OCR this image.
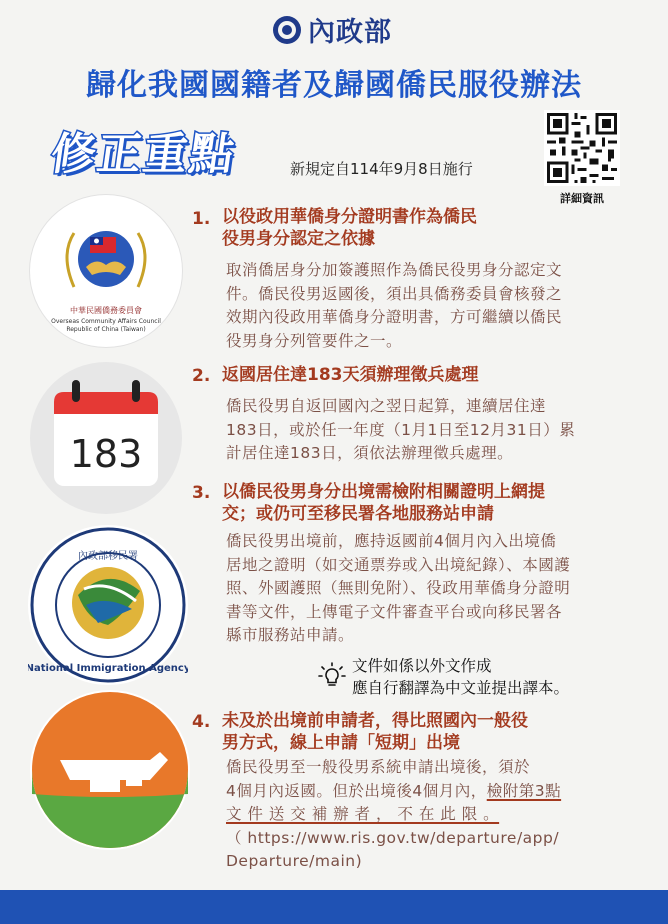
內政部
歸化我國國籍者及歸國僑民服役辦法
修正重點	新規定自114年9月8日施行
詳細資訊
中華民國僑務委員會
Overseas Community Affairs Council
Republic of China (Taiwan)
183
內政部移民署
National Immigration Agency
1. 以役政用華僑身分證明書作為僑民
役男身分認定之依據
取消僑居身分加簽護照作為僑民役男身分認定文
件。僑民役男返國後，須出具僑務委員會核發之
效期內役政用華僑身分證明書，方可繼續以僑民
役男身分列管要件之一。
2. 返國居住達183天須辦理徵兵處理
僑民役男自返回國內之翌日起算，連續居住達
183日，或於任一年度（1月1日至12月31日）累
計居住達183日，須依法辦理徵兵處理。
3. 以僑民役男身分出境需檢附相關證明上網提
交；或仍可至移民署各地服務站申請
僑民役男出境前，應持返國前4個月內入出境僑
居地之證明（如交通票券或入出境紀錄）、本國護
照、外國護照（無則免附）、役政用華僑身分證明
書等文件，上傳電子文件審查平台或向移民署各
縣市服務站申請。
文件如係以外文作成
應自行翻譯為中文並提出譯本。
4. 未及於出境前申請者，得比照國內一般役
男方式，線上申請「短期」出境
僑民役男至一般役男系統申請出境後，須於
4個月內返國。但於出境後4個月內，檢附第3點
文 件 送 交 補 辦 者 ， 不 在 此 限 。
（ https://www.ris.gov.tw/departure/app/
Departure/main)
